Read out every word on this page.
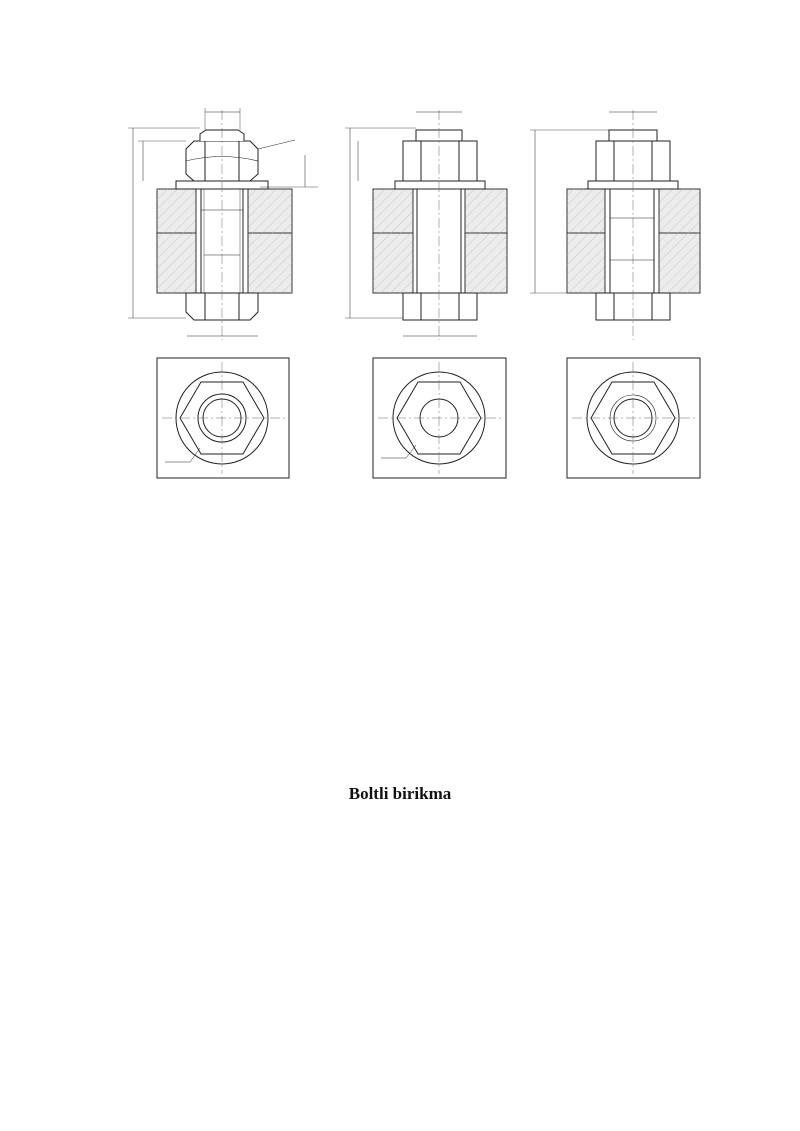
Boltli birikma
